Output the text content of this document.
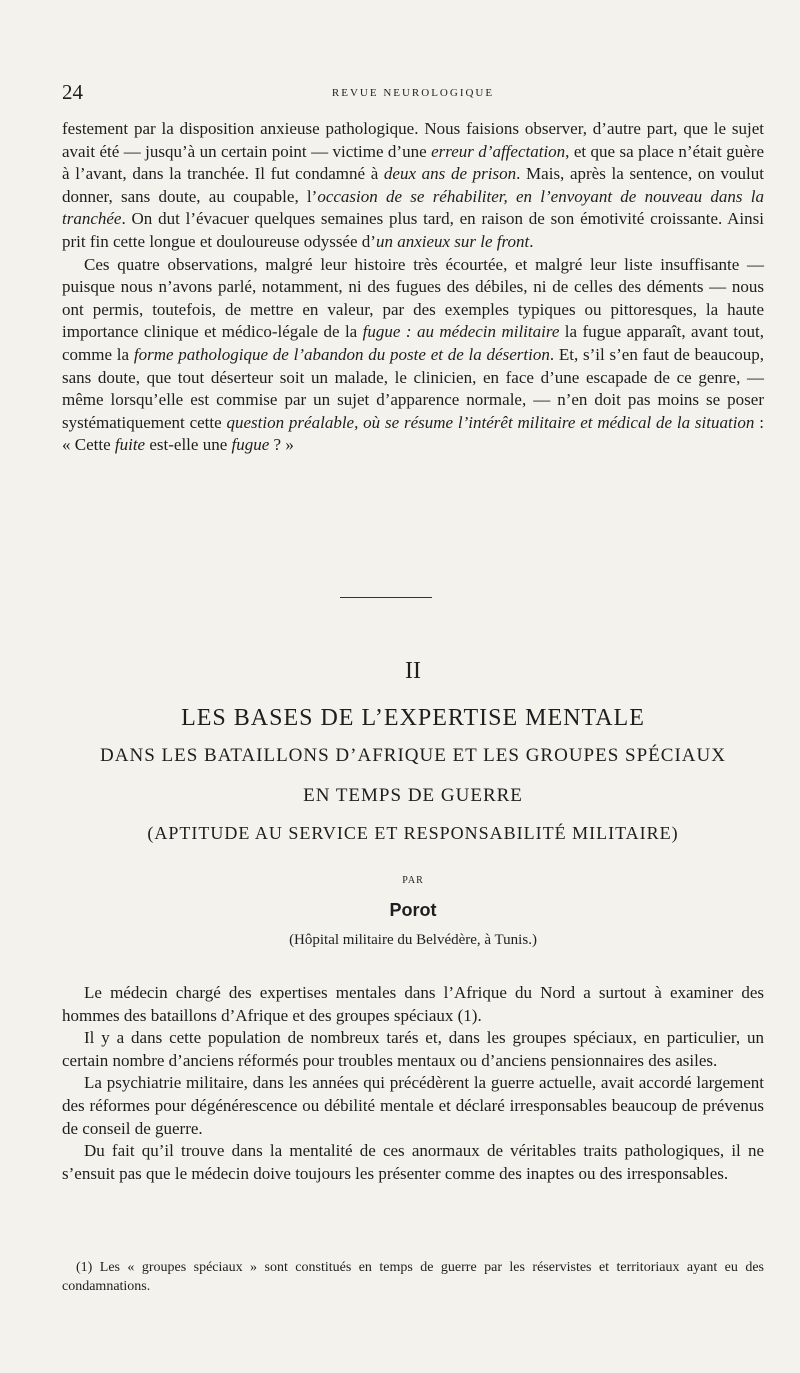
24	REVUE NEUROLOGIQUE

festement par la disposition anxieuse pathologique. Nous faisions observer, d’autre part, que le sujet avait été — jusqu’à un certain point — victime d’une erreur d’affectation, et que sa place n’était guère à l’avant, dans la tranchée. Il fut condamné à deux ans de prison. Mais, après la sentence, on voulut donner, sans doute, au coupable, l’occasion de se réhabiliter, en l’envoyant de nouveau dans la tranchée. On dut l’évacuer quelques semaines plus tard, en raison de son émotivité croissante. Ainsi prit fin cette longue et douloureuse odyssée d’un anxieux sur le front.

Ces quatre observations, malgré leur histoire très écourtée, et malgré leur liste insuffisante — puisque nous n’avons parlé, notamment, ni des fugues des débiles, ni de celles des déments — nous ont permis, toutefois, de mettre en valeur, par des exemples typiques ou pittoresques, la haute importance clinique et médico-légale de la fugue : au médecin militaire la fugue apparaît, avant tout, comme la forme pathologique de l’abandon du poste et de la désertion. Et, s’il s’en faut de beaucoup, sans doute, que tout déserteur soit un malade, le clinicien, en face d’une escapade de ce genre, — même lorsqu’elle est commise par un sujet d’apparence normale, — n’en doit pas moins se poser systématiquement cette question préalable, où se résume l’intérêt militaire et médical de la situation : « Cette fuite est-elle une fugue ? »

II
LES BASES DE L’EXPERTISE MENTALE
DANS LES BATAILLONS D’AFRIQUE ET LES GROUPES SPÉCIAUX
EN TEMPS DE GUERRE
(APTITUDE AU SERVICE ET RESPONSABILITÉ MILITAIRE)
PAR
Porot
(Hôpital militaire du Belvédère, à Tunis.)

Le médecin chargé des expertises mentales dans l’Afrique du Nord a surtout à examiner des hommes des bataillons d’Afrique et des groupes spéciaux (1).

Il y a dans cette population de nombreux tarés et, dans les groupes spéciaux, en particulier, un certain nombre d’anciens réformés pour troubles mentaux ou d’anciens pensionnaires des asiles.

La psychiatrie militaire, dans les années qui précédèrent la guerre actuelle, avait accordé largement des réformes pour dégénérescence ou débilité mentale et déclaré irresponsables beaucoup de prévenus de conseil de guerre.

Du fait qu’il trouve dans la mentalité de ces anormaux de véritables traits pathologiques, il ne s’ensuit pas que le médecin doive toujours les présenter comme des inaptes ou des irresponsables.

(1) Les « groupes spéciaux » sont constitués en temps de guerre par les réservistes et territoriaux ayant eu des condamnations.
